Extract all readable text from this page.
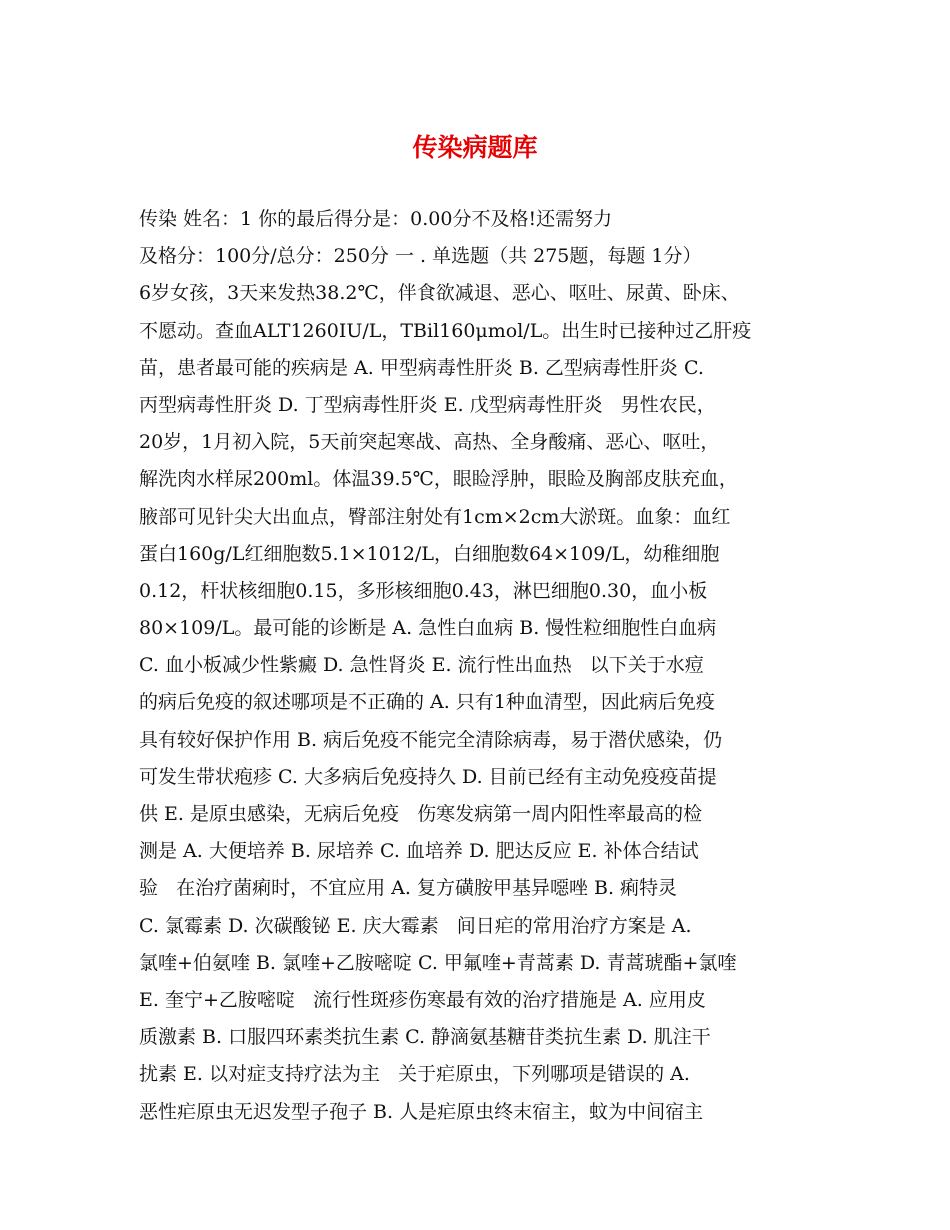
传染病题库
传染 姓名：1 你的最后得分是：0.00分不及格!还需努力
及格分：100分/总分：250分 一 . 单选题（共 275题，每题 1分）
6岁女孩，3天来发热38.2℃，伴食欲减退、恶心、呕吐、尿黄、卧床、
不愿动。查血ALT1260IU/L，TBil160μmol/L。出生时已接种过乙肝疫
苗，患者最可能的疾病是 A. 甲型病毒性肝炎 B. 乙型病毒性肝炎 C.
丙型病毒性肝炎 D. 丁型病毒性肝炎 E. 戊型病毒性肝炎   男性农民，
20岁，1月初入院，5天前突起寒战、高热、全身酸痛、恶心、呕吐，
解洗肉水样尿200ml。体温39.5℃，眼睑浮肿，眼睑及胸部皮肤充血，
腋部可见针尖大出血点，臀部注射处有1cm×2cm大淤斑。血象：血红
蛋白160g/L红细胞数5.1×1012/L，白细胞数64×109/L，幼稚细胞
0.12，杆状核细胞0.15，多形核细胞0.43，淋巴细胞0.30，血小板
80×109/L。最可能的诊断是 A. 急性白血病 B. 慢性粒细胞性白血病
C. 血小板减少性紫癜 D. 急性肾炎 E. 流行性出血热   以下关于水痘
的病后免疫的叙述哪项是不正确的 A. 只有1种血清型，因此病后免疫
具有较好保护作用 B. 病后免疫不能完全清除病毒，易于潜伏感染，仍
可发生带状疱疹 C. 大多病后免疫持久 D. 目前已经有主动免疫疫苗提
供 E. 是原虫感染，无病后免疫   伤寒发病第一周内阳性率最高的检
测是 A. 大便培养 B. 尿培养 C. 血培养 D. 肥达反应 E. 补体合结试
验   在治疗菌痢时，不宜应用 A. 复方磺胺甲基异噁唑 B. 痢特灵
C. 氯霉素 D. 次碳酸铋 E. 庆大霉素   间日疟的常用治疗方案是 A.
氯喹+伯氨喹 B. 氯喹+乙胺嘧啶 C. 甲氟喹+青蒿素 D. 青蒿琥酯+氯喹
E. 奎宁+乙胺嘧啶   流行性斑疹伤寒最有效的治疗措施是 A. 应用皮
质激素 B. 口服四环素类抗生素 C. 静滴氨基糖苷类抗生素 D. 肌注干
扰素 E. 以对症支持疗法为主   关于疟原虫，下列哪项是错误的 A.
恶性疟原虫无迟发型子孢子 B. 人是疟原虫终末宿主，蚊为中间宿主
